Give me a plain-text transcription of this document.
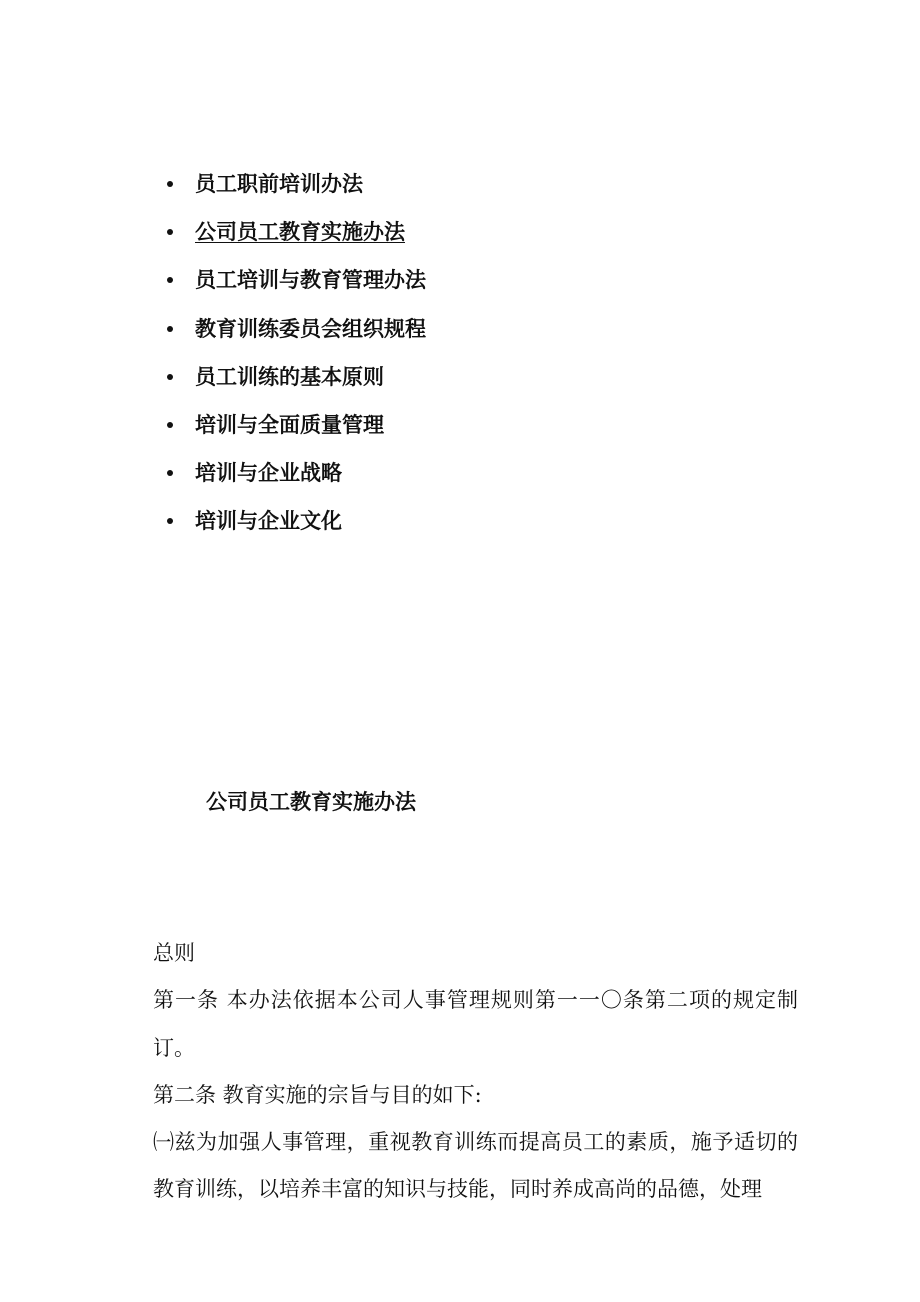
员工职前培训办法
公司员工教育实施办法
员工培训与教育管理办法
教育训练委员会组织规程
员工训练的基本原则
培训与全面质量管理
培训与企业战略
培训与企业文化
公司员工教育实施办法

总则

第一条 本办法依据本公司人事管理规则第一一〇条第二项的规定制订。

第二条 教育实施的宗旨与目的如下:

㈠兹为加强人事管理，重视教育训练而提高员工的素质，施予适切的教育训练，以培养丰富的知识与技能，同时养成高尚的品德，处理
